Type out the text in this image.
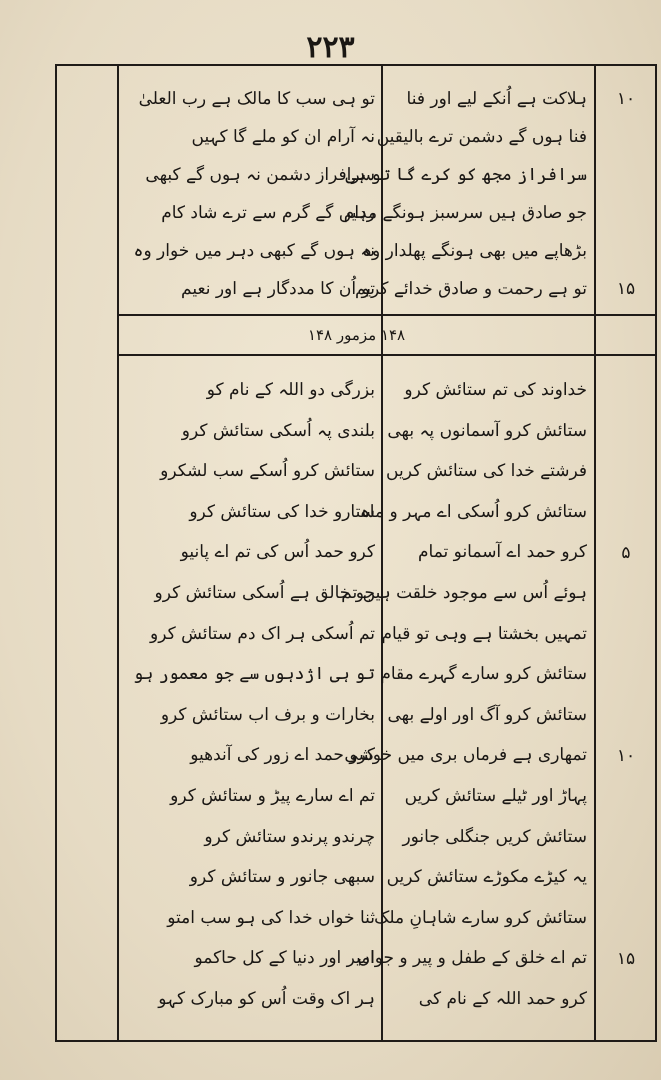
۲۲۳
۱۴۸ مزمور ۱۴۸
ہلاکت ہے اُنکے لیے اور فنا
فنا ہوں گے دشمن ترے بالیقیں
سرافراز مجھ کو کرے گا تو ہی
جو صادق ہیں سرسبز ہونگے مدام
بڑھاپے میں بھی ہونگے پھلدار وہ
تو ہے رحمت و صادق خدائے کریم
تو ہی سب کا مالک ہے رب العلیٰ
نہ آرام ان کو ملے گا کہیں
سرافراز دشمن نہ ہوں گے کبھی
رہیں گے گرم سے ترے شاد کام
نہ ہوں گے کبھی دہر میں خوار وہ
تو اُن کا مددگار ہے اور نعیم
خداوند کی تم ستائش کرو
ستائش کرو آسمانوں پہ بھی
فرشتے خدا کی ستائش کریں
ستائش کرو اُسکی اے مہر و ماہ
کرو حمد اے آسمانو تمام
ہوئے اُس سے موجود خلقت ہیں تم
تمہیں بخشتا ہے وہی تو قیام
ستائش کرو سارے گہرے مقام
ستائش کرو آگ اور اولے بھی
تمھاری ہے فرماں بری میں خوشی
پہاڑ اور ٹیلے ستائش کریں
ستائش کریں جنگلی جانور
یہ کیڑے مکوڑے ستائش کریں
ستائش کرو سارے شاہانِ ملک
تم اے خلق کے طفل و پیر و جواں
کرو حمد اللہ کے نام کی
بزرگی دو اللہ کے نام کو
بلندی پہ اُسکی ستائش کرو
ستائش کرو اُسکے سب لشکرو
ستارو خدا کی ستائش کرو
کرو حمد اُس کی تم اے پانیو
جو خالق ہے اُسکی ستائش کرو
تم اُسکی ہر اک دم ستائش کرو
تو ہی اژدہوں سے جو معمور ہو
بخارات و برف اب ستائش کرو
کرو حمد اے زور کی آندھیو
تم اے سارے پیڑ و ستائش کرو
چرندو پرندو ستائش کرو
سبھی جانور و ستائش کرو
ثنا خواں خدا کی ہو سب امتو
امیر اور دنیا کے کل حاکمو
ہر اک وقت اُس کو مبارک کہو
۱۰
۱۵
۵
۱۰
۱۵
